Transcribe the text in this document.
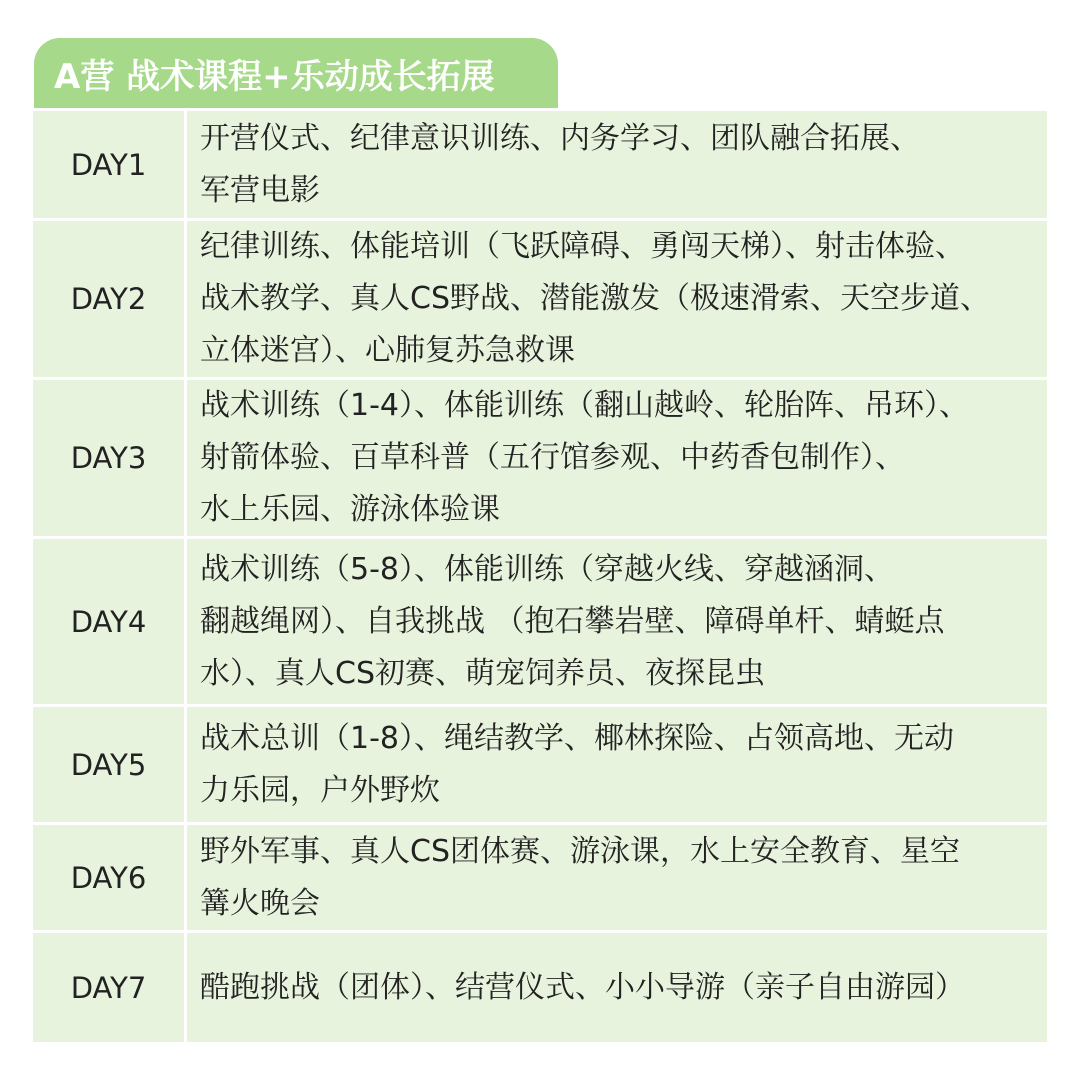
A营 战术课程+乐动成长拓展
DAY1	开营仪式、纪律意识训练、内务学习、团队融合拓展、
军营电影

DAY2	纪律训练、体能培训（飞跃障碍、勇闯天梯）、射击体验、
战术教学、真人CS野战、潜能激发（极速滑索、天空步道、
立体迷宫）、心肺复苏急救课

DAY3	战术训练（1-4）、体能训练（翻山越岭、轮胎阵、吊环）、
射箭体验、百草科普（五行馆参观、中药香包制作）、
水上乐园、游泳体验课

DAY4	战术训练（5-8）、体能训练（穿越火线、穿越涵洞、
翻越绳网）、自我挑战 （抱石攀岩壁、障碍单杆、蜻蜓点
水）、真人CS初赛、萌宠饲养员、夜探昆虫

DAY5	战术总训（1-8）、绳结教学、椰林探险、占领高地、无动
力乐园，户外野炊

DAY6	野外军事、真人CS团体赛、游泳课，水上安全教育、星空
篝火晚会

DAY7	酷跑挑战（团体）、结营仪式、小小导游（亲子自由游园）
